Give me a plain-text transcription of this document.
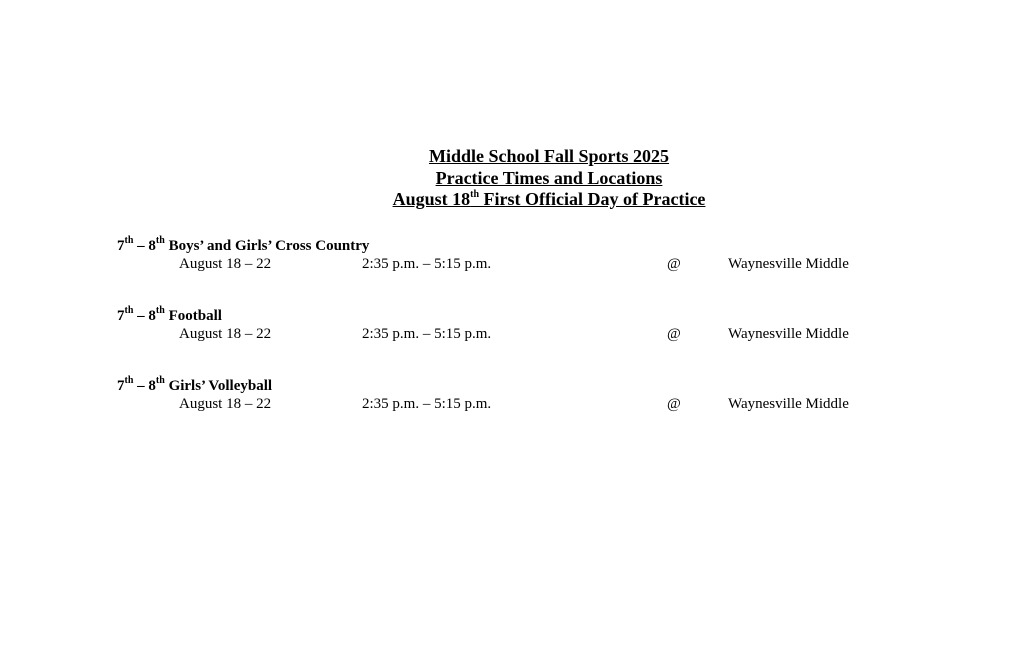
Middle School Fall Sports 2025
Practice Times and Locations
August 18th First Official Day of Practice
7th – 8th Boys’ and Girls’ Cross Country
August 18 – 22	2:35 p.m. – 5:15 p.m.	@	Waynesville Middle
7th – 8th Football
August 18 – 22	2:35 p.m. – 5:15 p.m.	@	Waynesville Middle
7th – 8th Girls’ Volleyball
August 18 – 22	2:35 p.m. – 5:15 p.m.	@	Waynesville Middle
